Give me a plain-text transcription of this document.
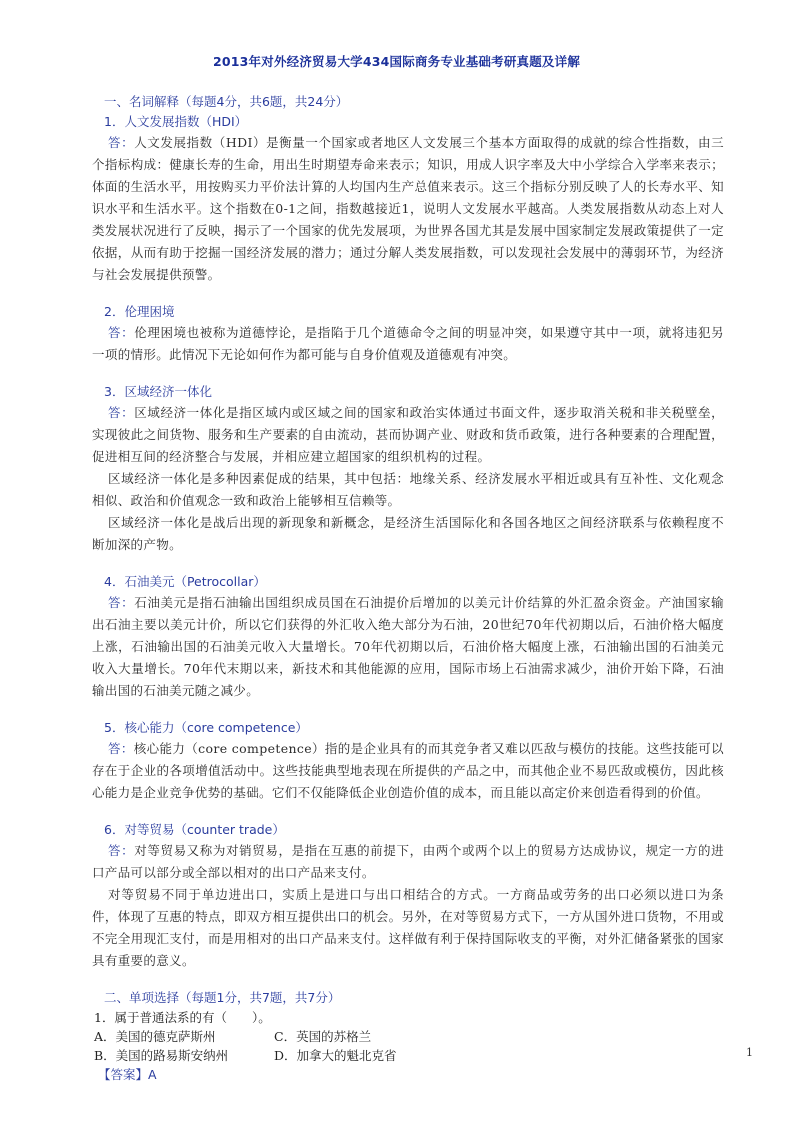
2013年对外经济贸易大学434国际商务专业基础考研真题及详解

一、名词解释（每题4分，共6题，共24分）

1．人文发展指数（HDI）

答：人文发展指数（HDI）是衡量一个国家或者地区人文发展三个基本方面取得的成就的综合性指数，由三个指标构成：健康长寿的生命，用出生时期望寿命来表示；知识，用成人识字率及大中小学综合入学率来表示；体面的生活水平，用按购买力平价法计算的人均国内生产总值来表示。这三个指标分别反映了人的长寿水平、知识水平和生活水平。这个指数在0-1之间，指数越接近1，说明人文发展水平越高。人类发展指数从动态上对人类发展状况进行了反映，揭示了一个国家的优先发展项，为世界各国尤其是发展中国家制定发展政策提供了一定依据，从而有助于挖掘一国经济发展的潜力；通过分解人类发展指数，可以发现社会发展中的薄弱环节，为经济与社会发展提供预警。

2．伦理困境

答：伦理困境也被称为道德悖论，是指陷于几个道德命令之间的明显冲突，如果遵守其中一项，就将违犯另一项的情形。此情况下无论如何作为都可能与自身价值观及道德观有冲突。

3．区域经济一体化

答：区域经济一体化是指区域内或区域之间的国家和政治实体通过书面文件，逐步取消关税和非关税壁垒，实现彼此之间货物、服务和生产要素的自由流动，甚而协调产业、财政和货币政策，进行各种要素的合理配置，促进相互间的经济整合与发展，并相应建立超国家的组织机构的过程。

区域经济一体化是多种因素促成的结果，其中包括：地缘关系、经济发展水平相近或具有互补性、文化观念相似、政治和价值观念一致和政治上能够相互信赖等。

区域经济一体化是战后出现的新现象和新概念，是经济生活国际化和各国各地区之间经济联系与依赖程度不断加深的产物。

4．石油美元（Petrocollar）

答：石油美元是指石油输出国组织成员国在石油提价后增加的以美元计价结算的外汇盈余资金。产油国家输出石油主要以美元计价，所以它们获得的外汇收入绝大部分为石油，20世纪70年代初期以后，石油价格大幅度上涨，石油输出国的石油美元收入大量增长。70年代初期以后，石油价格大幅度上涨，石油输出国的石油美元收入大量增长。70年代末期以来，新技术和其他能源的应用，国际市场上石油需求减少，油价开始下降，石油输出国的石油美元随之减少。

5．核心能力（core competence）

答：核心能力（core competence）指的是企业具有的而其竞争者又难以匹敌与模仿的技能。这些技能可以存在于企业的各项增值活动中。这些技能典型地表现在所提供的产品之中，而其他企业不易匹敌或模仿，因此核心能力是企业竞争优势的基础。它们不仅能降低企业创造价值的成本，而且能以高定价来创造看得到的价值。

6．对等贸易（counter trade）

答：对等贸易又称为对销贸易，是指在互惠的前提下，由两个或两个以上的贸易方达成协议，规定一方的进口产品可以部分或全部以相对的出口产品来支付。

对等贸易不同于单边进出口，实质上是进口与出口相结合的方式。一方商品或劳务的出口必须以进口为条件，体现了互惠的特点，即双方相互提供出口的机会。另外，在对等贸易方式下，一方从国外进口货物，不用或不完全用现汇支付，而是用相对的出口产品来支付。这样做有利于保持国际收支的平衡，对外汇储备紧张的国家具有重要的意义。

二、单项选择（每题1分，共7题，共7分）

1．属于普通法系的有（　　）。

A．美国的德克萨斯州	C．英国的苏格兰

B．美国的路易斯安纳州	D．加拿大的魁北克省

【答案】A

1
